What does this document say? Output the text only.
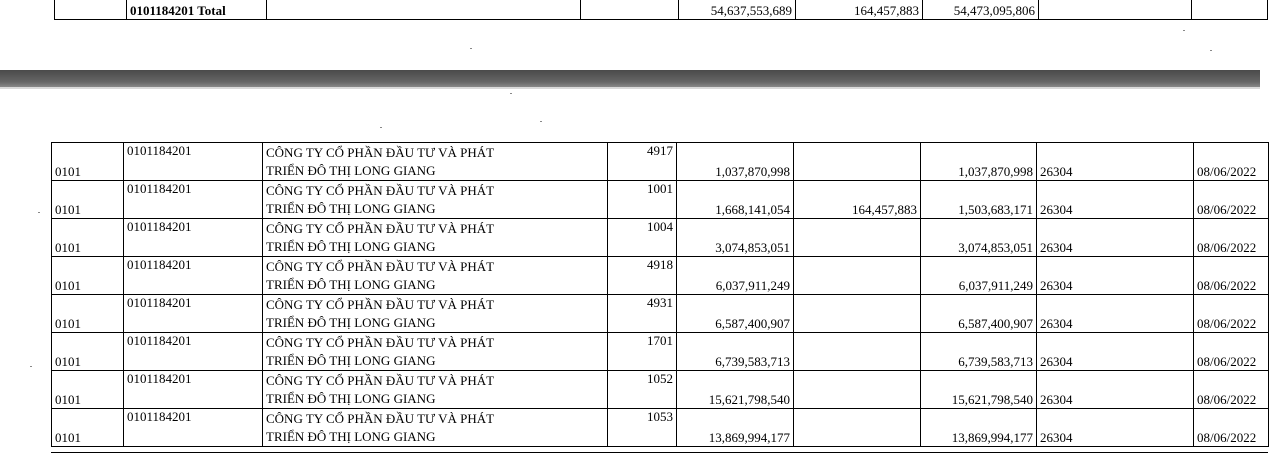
	0101184201 Total			54,637,553,689	164,457,883	54,473,095,806		
0101	0101184201	CÔNG TY CỔ PHẦN ĐẦU TƯ VÀ PHÁT
TRIỂN ĐÔ THỊ LONG GIANG	4917	1,037,870,998		1,037,870,998	26304	08/06/2022
0101	0101184201	CÔNG TY CỔ PHẦN ĐẦU TƯ VÀ PHÁT
TRIỂN ĐÔ THỊ LONG GIANG	1001	1,668,141,054	164,457,883	1,503,683,171	26304	08/06/2022
0101	0101184201	CÔNG TY CỔ PHẦN ĐẦU TƯ VÀ PHÁT
TRIỂN ĐÔ THỊ LONG GIANG	1004	3,074,853,051		3,074,853,051	26304	08/06/2022
0101	0101184201	CÔNG TY CỔ PHẦN ĐẦU TƯ VÀ PHÁT
TRIỂN ĐÔ THỊ LONG GIANG	4918	6,037,911,249		6,037,911,249	26304	08/06/2022
0101	0101184201	CÔNG TY CỔ PHẦN ĐẦU TƯ VÀ PHÁT
TRIỂN ĐÔ THỊ LONG GIANG	4931	6,587,400,907		6,587,400,907	26304	08/06/2022
0101	0101184201	CÔNG TY CỔ PHẦN ĐẦU TƯ VÀ PHÁT
TRIỂN ĐÔ THỊ LONG GIANG	1701	6,739,583,713		6,739,583,713	26304	08/06/2022
0101	0101184201	CÔNG TY CỔ PHẦN ĐẦU TƯ VÀ PHÁT
TRIỂN ĐÔ THỊ LONG GIANG	1052	15,621,798,540		15,621,798,540	26304	08/06/2022
0101	0101184201	CÔNG TY CỔ PHẦN ĐẦU TƯ VÀ PHÁT
TRIỂN ĐÔ THỊ LONG GIANG	1053	13,869,994,177		13,869,994,177	26304	08/06/2022
